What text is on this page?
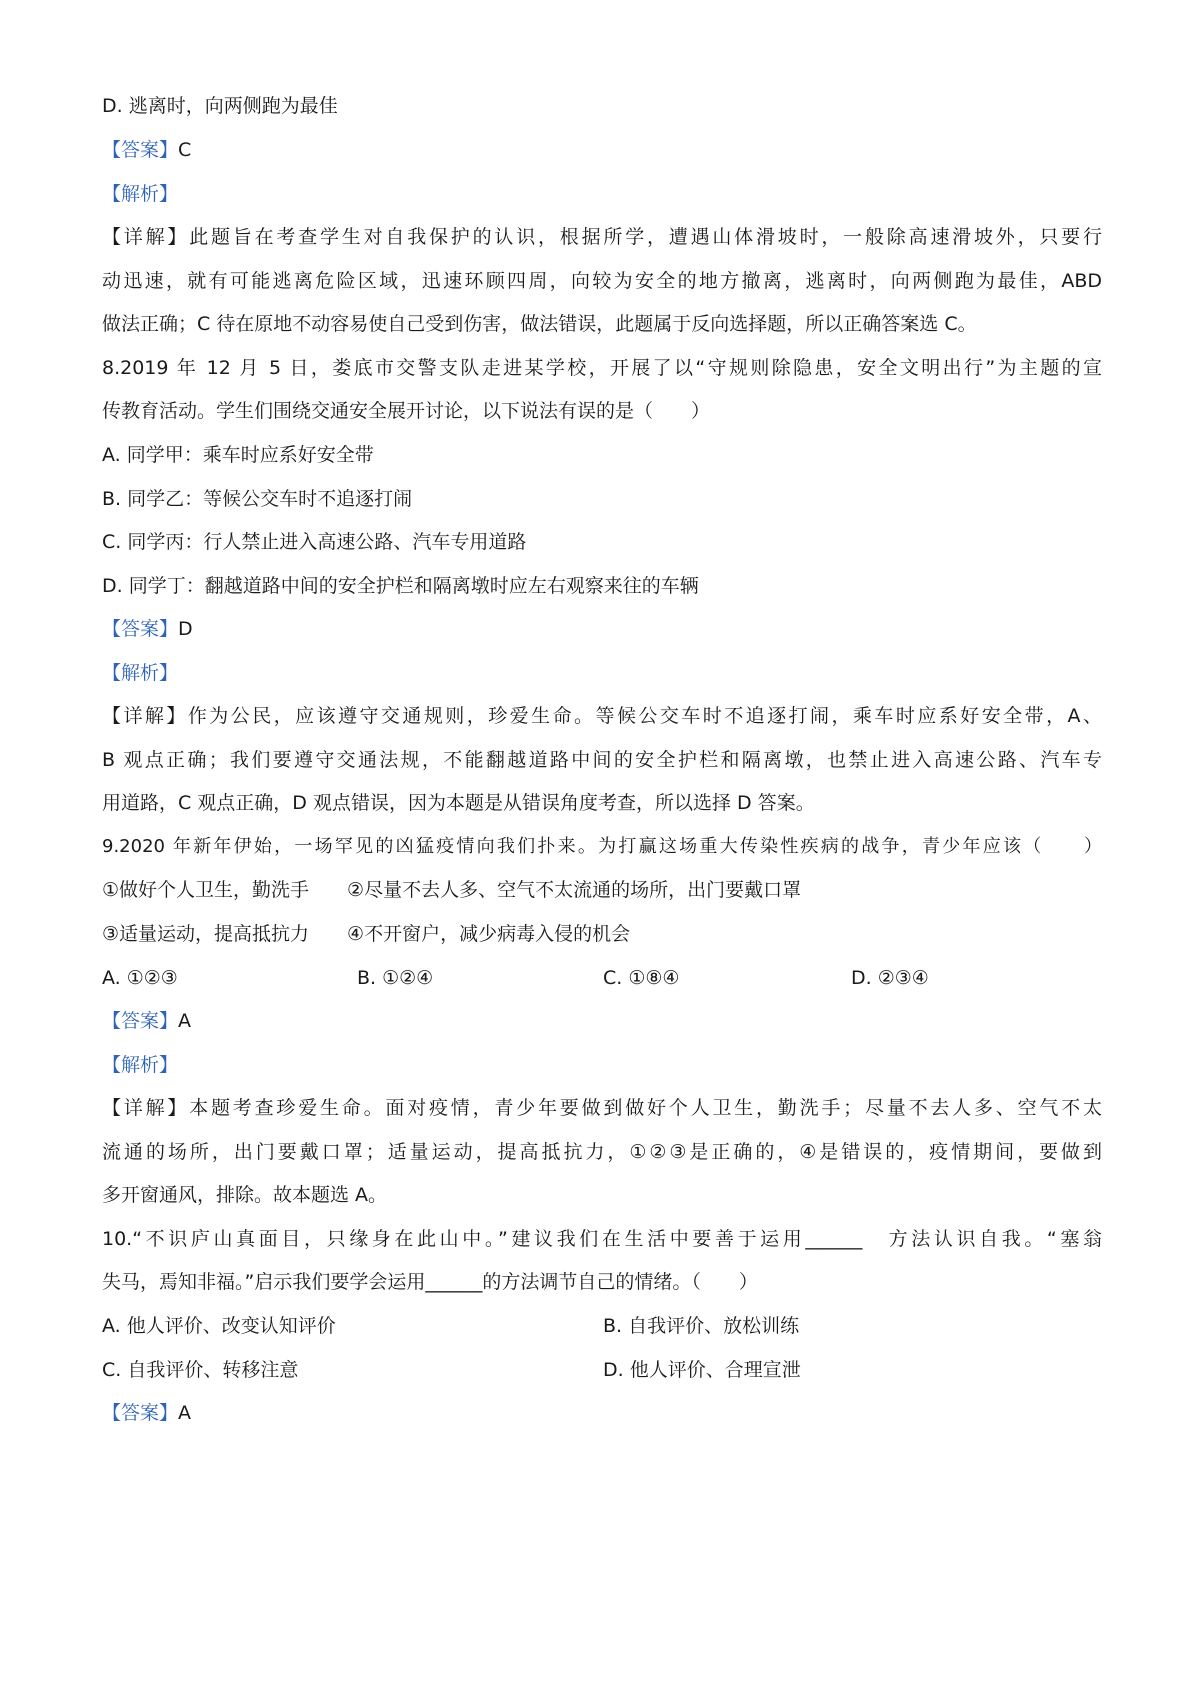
D. 逃离时，向两侧跑为最佳
【答案】C
【解析】
【详解】此题旨在考查学生对自我保护的认识，根据所学，遭遇山体滑坡时，一般除高速滑坡外，只要行
动迅速，就有可能逃离危险区域，迅速环顾四周，向较为安全的地方撤离，逃离时，向两侧跑为最佳，ABD
做法正确；C 待在原地不动容易使自己受到伤害，做法错误，此题属于反向选择题，所以正确答案选 C。
8.2019 年 12 月 5 日，娄底市交警支队走进某学校，开展了以“守规则除隐患，安全文明出行”为主题的宣
传教育活动。学生们围绕交通安全展开讨论，以下说法有误的是（　　）
A. 同学甲：乘车时应系好安全带
B. 同学乙：等候公交车时不追逐打闹
C. 同学丙：行人禁止进入高速公路、汽车专用道路
D. 同学丁：翻越道路中间的安全护栏和隔离墩时应左右观察来往的车辆
【答案】D
【解析】
【详解】作为公民，应该遵守交通规则，珍爱生命。等候公交车时不追逐打闹，乘车时应系好安全带，A、
B 观点正确；我们要遵守交通法规，不能翻越道路中间的安全护栏和隔离墩，也禁止进入高速公路、汽车专
用道路，C 观点正确，D 观点错误，因为本题是从错误角度考查，所以选择 D 答案。
9.2020 年新年伊始，一场罕见的凶猛疫情向我们扑来。为打赢这场重大传染性疾病的战争，青少年应该（　　）
①做好个人卫生，勤洗手　　②尽量不去人多、空气不太流通的场所，出门要戴口罩
③适量运动，提高抵抗力　　④不开窗户，减少病毒入侵的机会
A. ①②③	B. ①②④	C. ①⑧④	D. ②③④
【答案】A
【解析】
【详解】本题考查珍爱生命。面对疫情，青少年要做到做好个人卫生，勤洗手；尽量不去人多、空气不太
流通的场所，出门要戴口罩；适量运动，提高抵抗力，①②③是正确的，④是错误的，疫情期间，要做到
多开窗通风，排除。故本题选 A。
10.“不识庐山真面目，只缘身在此山中。”建议我们在生活中要善于运用______　方法认识自我。“塞翁
失马，焉知非福。”启示我们要学会运用______的方法调节自己的情绪。（　　）
A. 他人评价、改变认知评价	B. 自我评价、放松训练
C. 自我评价、转移注意	D. 他人评价、合理宣泄
【答案】A
